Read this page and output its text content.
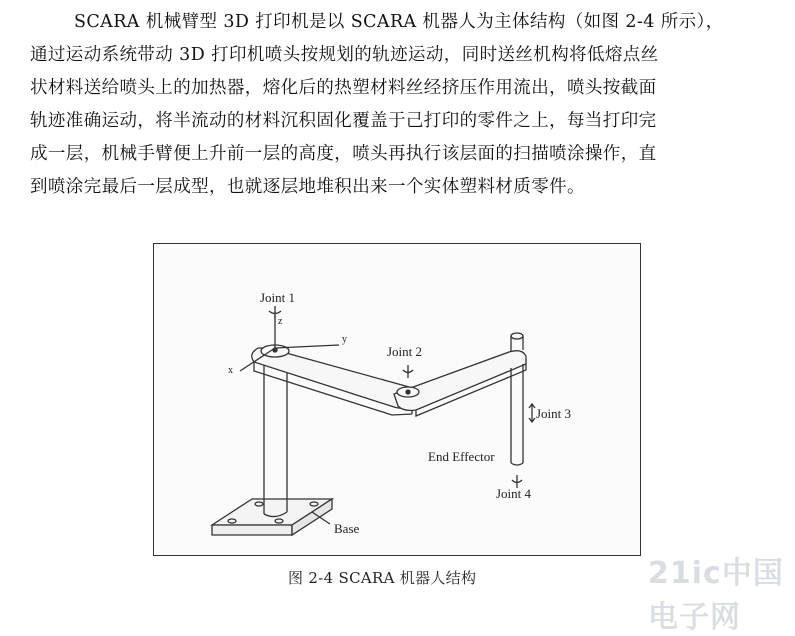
SCARA 机械臂型 3D 打印机是以 SCARA 机器人为主体结构（如图 2-4 所示），
通过运动系统带动 3D 打印机喷头按规划的轨迹运动，同时送丝机构将低熔点丝
状材料送给喷头上的加热器，熔化后的热塑材料丝经挤压作用流出，喷头按截面
轨迹准确运动，将半流动的材料沉积固化覆盖于己打印的零件之上，每当打印完
成一层，机械手臂便上升前一层的高度，喷头再执行该层面的扫描喷涂操作，直
到喷涂完最后一层成型，也就逐层地堆积出来一个实体塑料材质零件。
Joint 1
z
y
x
Joint 2
Joint 3
End Effector
Joint 4
Base
图 2-4 SCARA 机器人结构	21ic中国电子网
